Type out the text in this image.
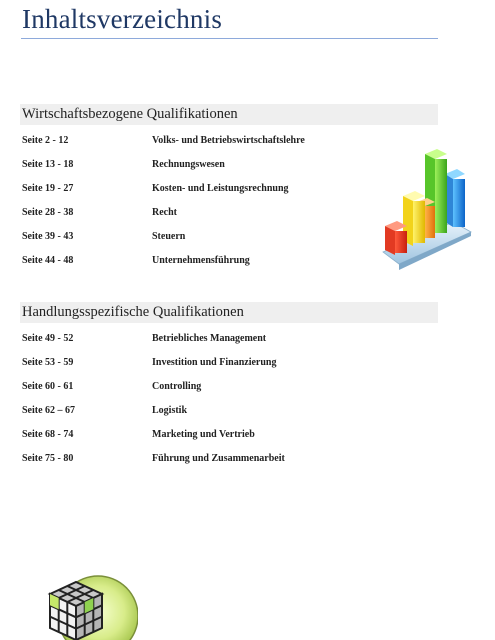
Inhaltsverzeichnis
Wirtschaftsbezogene Qualifikationen
Seite 2 - 12	Volks- und Betriebswirtschaftslehre
Seite 13 - 18	Rechnungswesen
Seite 19 - 27	Kosten- und Leistungsrechnung
Seite 28 - 38	Recht
Seite 39 - 43	Steuern
Seite 44 - 48	Unternehmensführung
Handlungsspezifische Qualifikationen
Seite 49 - 52	Betriebliches Management
Seite 53 - 59	Investition und Finanzierung
Seite 60 - 61	Controlling
Seite 62 – 67	Logistik
Seite 68 - 74	Marketing und Vertrieb
Seite 75 - 80	Führung und Zusammenarbeit
